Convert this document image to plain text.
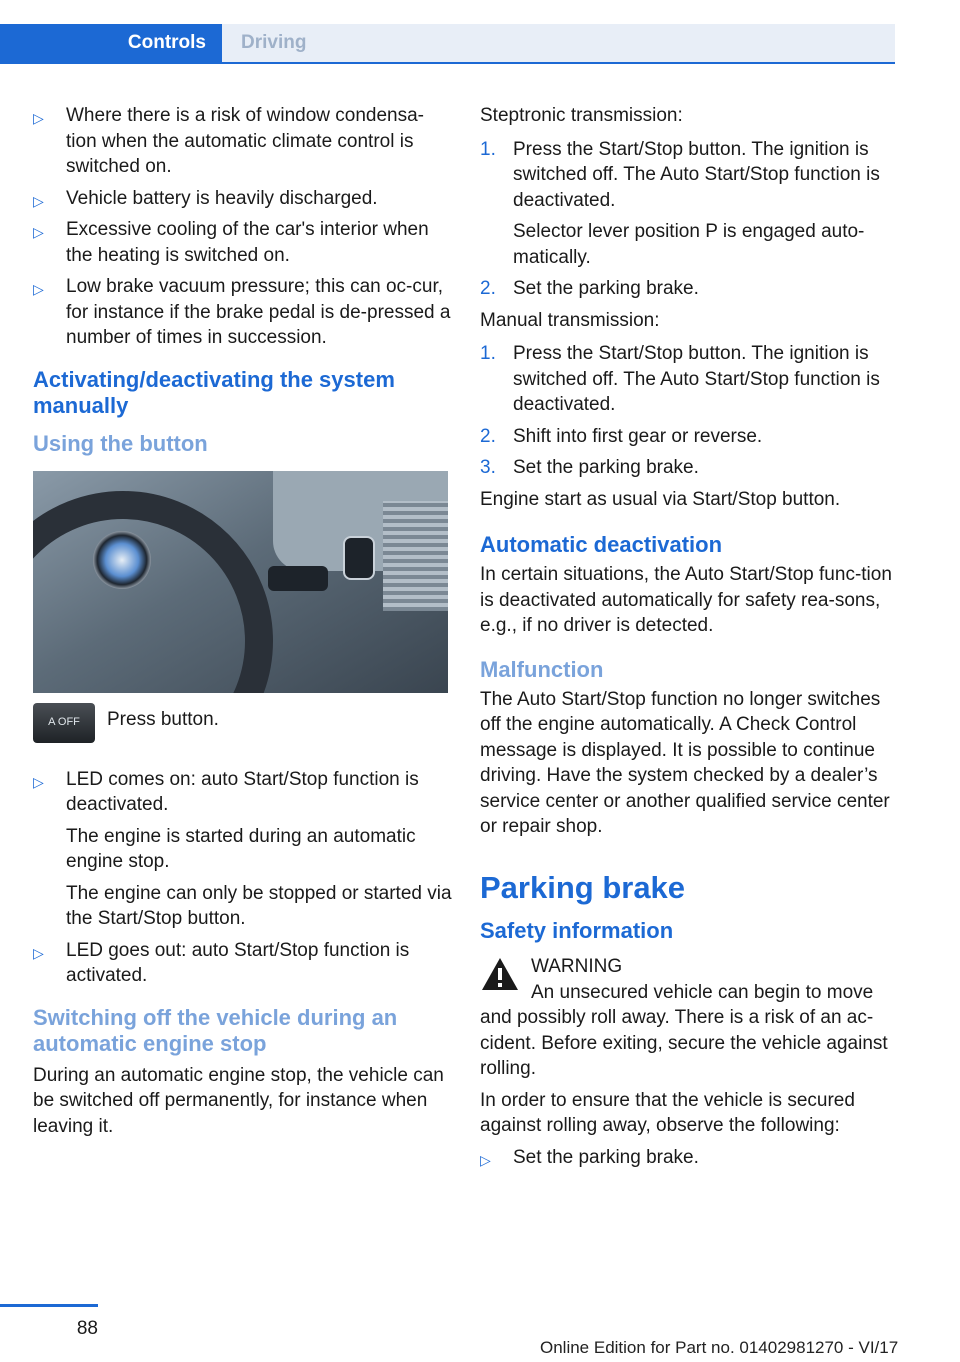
Controls	Driving
▷ Where there is a risk of window condensa-tion when the automatic climate control is switched on.
▷ Vehicle battery is heavily discharged.
▷ Excessive cooling of the car's interior when the heating is switched on.
▷ Low brake vacuum pressure; this can oc-cur, for instance if the brake pedal is de-pressed a number of times in succession.
Activating/deactivating the system manually
Using the button
A OFF	Press button.
▷ LED comes on: auto Start/Stop function is deactivated.
The engine is started during an automatic engine stop.
The engine can only be stopped or started via the Start/Stop button.
▷ LED goes out: auto Start/Stop function is activated.
Switching off the vehicle during an automatic engine stop
During an automatic engine stop, the vehicle can be switched off permanently, for instance when leaving it.
Steptronic transmission:
1. Press the Start/Stop button. The ignition is switched off. The Auto Start/Stop function is deactivated.
Selector lever position P is engaged auto-matically.
2. Set the parking brake.
Manual transmission:
1. Press the Start/Stop button. The ignition is switched off. The Auto Start/Stop function is deactivated.
2. Shift into first gear or reverse.
3. Set the parking brake.
Engine start as usual via Start/Stop button.
Automatic deactivation
In certain situations, the Auto Start/Stop func-tion is deactivated automatically for safety rea-sons, e.g., if no driver is detected.
Malfunction
The Auto Start/Stop function no longer switches off the engine automatically. A Check Control message is displayed. It is possible to continue driving. Have the system checked by a dealer’s service center or another qualified service center or repair shop.
Parking brake
Safety information
WARNING
An unsecured vehicle can begin to move and possibly roll away. There is a risk of an ac-cident. Before exiting, secure the vehicle against rolling.
In order to ensure that the vehicle is secured against rolling away, observe the following:
▷ Set the parking brake.
88
Online Edition for Part no. 01402981270 - VI/17
